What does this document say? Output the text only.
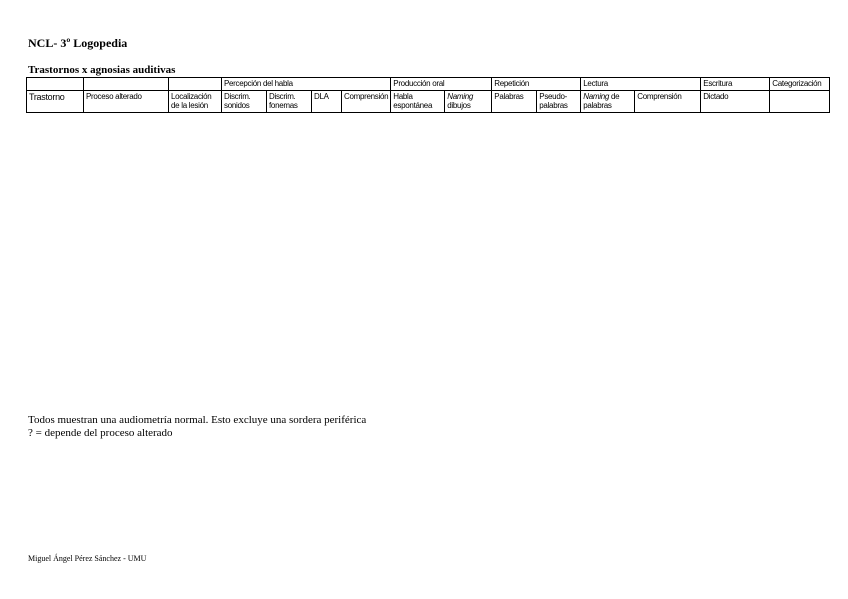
NCL- 3º Logopedia
Trastornos x agnosias auditivas
			Percepción del habla				Producción oral		Repetición		Lectura		Escritura	Categorización
Trastorno	Proceso alterado	Localización de la lesión	Discrim. sonidos	Discrim. fonemas	DLA	Comprensión	Habla espontánea	Naming dibujos	Palabras	Pseudo-palabras	Naming de palabras	Comprensión	Dictado	
Todos muestran una audiometría normal. Esto excluye una sordera periférica
? = depende del proceso alterado
Miguel Ángel Pérez Sánchez - UMU
